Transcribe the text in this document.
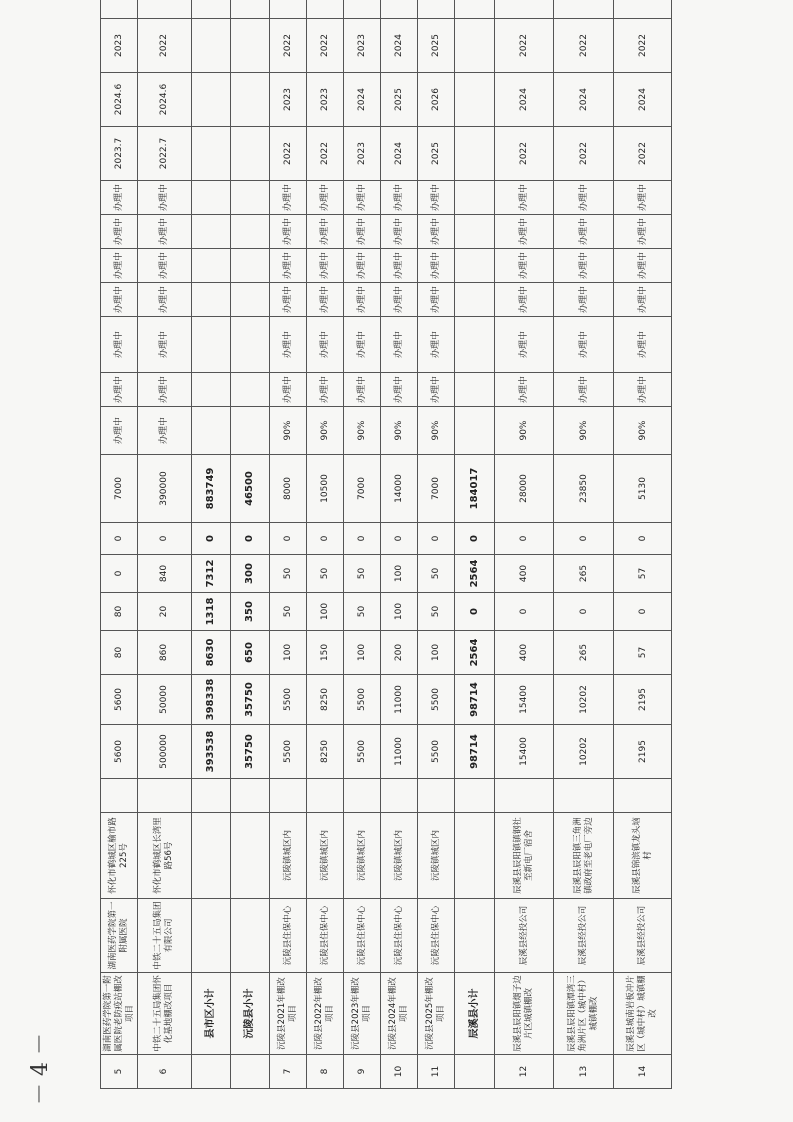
5	湖南医药学院第一附属医院老防疫站棚改项目	湖南医药学院第一附属医院	怀化市鹤城区榆市路225号		5600	5600	80	80	0	0	7000	办理中	办理中	办理中	办理中	办理中	办理中	办理中	2023.7	2024.6	2023	
6	中铁二十五局集团怀化基地棚改项目	中铁二十五局集团有限公司	怀化市鹤城区长湾里路56号		500000	50000	860	20	840	0	390000	办理中	办理中	办理中	办理中	办理中	办理中	办理中	2022.7	2024.6	2022	
	县市区小计				393538	398338	8630	1318	7312	0	883749											
	沅陵县小计				35750	35750	650	350	300	0	46500											
7	沅陵县2021年棚改项目	沅陵县住保中心	沅陵镇城区内		5500	5500	100	50	50	0	8000	90%	办理中	办理中	办理中	办理中	办理中	办理中	2022	2023	2022	
8	沅陵县2022年棚改项目	沅陵县住保中心	沅陵镇城区内		8250	8250	150	100	50	0	10500	90%	办理中	办理中	办理中	办理中	办理中	办理中	2022	2023	2022	
9	沅陵县2023年棚改项目	沅陵县住保中心	沅陵镇城区内		5500	5500	100	50	50	0	7000	90%	办理中	办理中	办理中	办理中	办理中	办理中	2023	2024	2023	
10	沅陵县2024年棚改项目	沅陵县住保中心	沅陵镇城区内		11000	11000	200	100	100	0	14000	90%	办理中	办理中	办理中	办理中	办理中	办理中	2024	2025	2024	
11	沅陵县2025年棚改项目	沅陵县住保中心	沅陵镇城区内		5500	5500	100	50	50	0	7000	90%	办理中	办理中	办理中	办理中	办理中	办理中	2025	2026	2025	
	辰溪县小计				98714	98714	2564	0	2564	0	184017											
12	辰溪县辰阳镇烟子边片区城镇棚改	辰溪县经投公司	辰溪县辰阳镇镇钢社至新电厂宿舍		15400	15400	400	0	400	0	28000	90%	办理中	办理中	办理中	办理中	办理中	办理中	2022	2024	2022	
13	辰溪县辰阳镇潭湾三角洲片区（城中村）城镇棚改	辰溪县经投公司	辰溪县辰阳镇三角洲镇政府至老电厂旁边		10202	10202	265	0	265	0	23850	90%	办理中	办理中	办理中	办理中	办理中	办理中	2022	2024	2022	
14	辰溪县城南岩板冲片区（城中村）城镇棚改	辰溪县经投公司	辰溪县锦滨镇龙头垴村		2195	2195	57	0	57	0	5130	90%	办理中	办理中	办理中	办理中	办理中	办理中	2022	2024	2022	
－ 4 －
